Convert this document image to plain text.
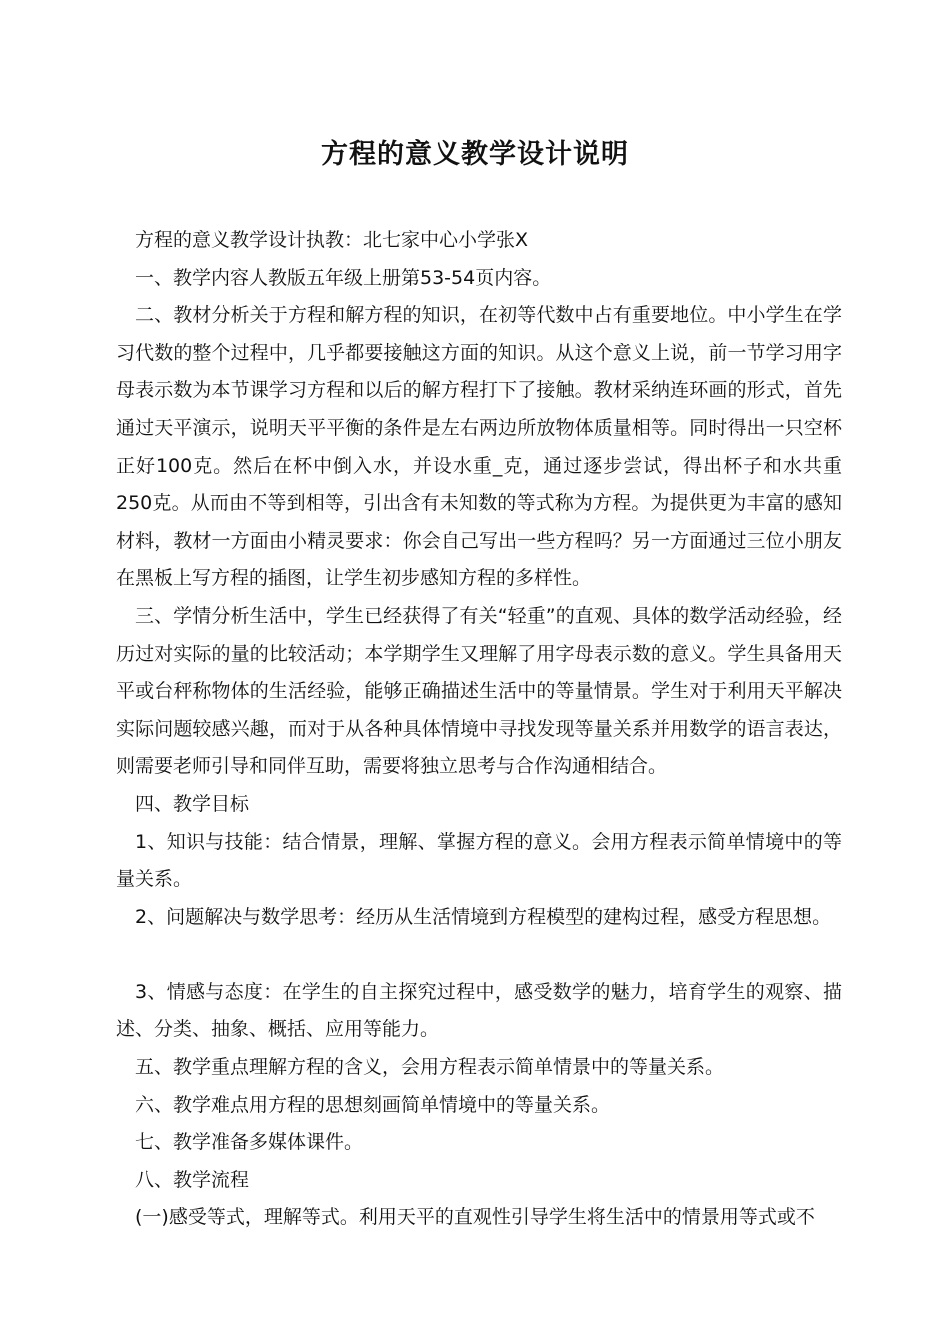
方程的意义教学设计说明

方程的意义教学设计执教：北七家中心小学张X

一、教学内容人教版五年级上册第53-54页内容。

二、教材分析关于方程和解方程的知识，在初等代数中占有重要地位。中小学生在学习代数的整个过程中，几乎都要接触这方面的知识。从这个意义上说，前一节学习用字母表示数为本节课学习方程和以后的解方程打下了接触。教材采纳连环画的形式，首先通过天平演示，说明天平平衡的条件是左右两边所放物体质量相等。同时得出一只空杯正好100克。然后在杯中倒入水，并设水重_克，通过逐步尝试，得出杯子和水共重250克。从而由不等到相等，引出含有未知数的等式称为方程。为提供更为丰富的感知材料，教材一方面由小精灵要求：你会自己写出一些方程吗？另一方面通过三位小朋友在黑板上写方程的插图，让学生初步感知方程的多样性。

三、学情分析生活中，学生已经获得了有关“轻重”的直观、具体的数学活动经验，经历过对实际的量的比较活动；本学期学生又理解了用字母表示数的意义。学生具备用天平或台秤称物体的生活经验，能够正确描述生活中的等量情景。学生对于利用天平解决实际问题较感兴趣，而对于从各种具体情境中寻找发现等量关系并用数学的语言表达，则需要老师引导和同伴互助，需要将独立思考与合作沟通相结合。

四、教学目标

1、知识与技能：结合情景，理解、掌握方程的意义。会用方程表示简单情境中的等量关系。

2、问题解决与数学思考：经历从生活情境到方程模型的建构过程，感受方程思想。

3、情感与态度：在学生的自主探究过程中，感受数学的魅力，培育学生的观察、描述、分类、抽象、概括、应用等能力。

五、教学重点理解方程的含义，会用方程表示简单情景中的等量关系。

六、教学难点用方程的思想刻画简单情境中的等量关系。

七、教学准备多媒体课件。

八、教学流程

(一)感受等式，理解等式。利用天平的直观性引导学生将生活中的情景用等式或不
